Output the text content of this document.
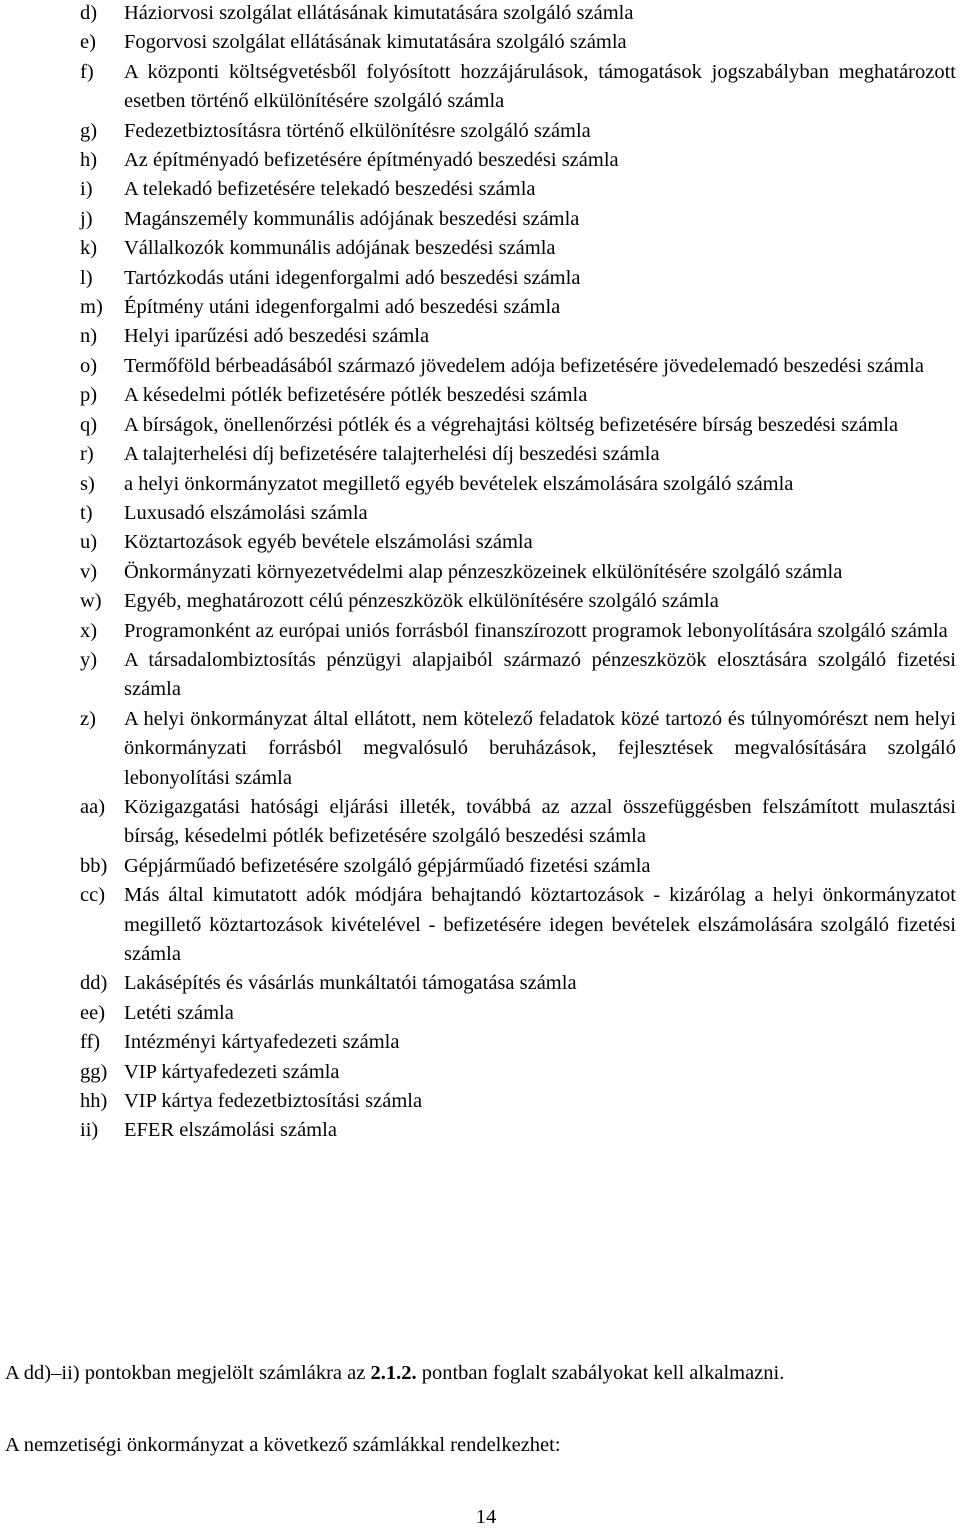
d) Háziorvosi szolgálat ellátásának kimutatására szolgáló számla
e) Fogorvosi szolgálat ellátásának kimutatására szolgáló számla
f) A központi költségvetésből folyósított hozzájárulások, támogatások jogszabályban meghatározott esetben történő elkülönítésére szolgáló számla
g) Fedezetbiztosításra történő elkülönítésre szolgáló számla
h) Az építményadó befizetésére építményadó beszedési számla
i) A telekadó befizetésére telekadó beszedési számla
j) Magánszemély kommunális adójának beszedési számla
k) Vállalkozók kommunális adójának beszedési számla
l) Tartózkodás utáni idegenforgalmi adó beszedési számla
m) Építmény utáni idegenforgalmi adó beszedési számla
n) Helyi iparűzési adó beszedési számla
o) Termőföld bérbeadásából származó jövedelem adója befizetésére jövedelemadó beszedési számla
p) A késedelmi pótlék befizetésére pótlék beszedési számla
q) A bírságok, önellenőrzési pótlék és a végrehajtási költség befizetésére bírság beszedési számla
r) A talajterhelési díj befizetésére talajterhelési díj beszedési számla
s) a helyi önkormányzatot megillető egyéb bevételek elszámolására szolgáló számla
t) Luxusadó elszámolási számla
u) Köztartozások egyéb bevétele elszámolási számla
v) Önkormányzati környezetvédelmi alap pénzeszközeinek elkülönítésére szolgáló számla
w) Egyéb, meghatározott célú pénzeszközök elkülönítésére szolgáló számla
x) Programonként az európai uniós forrásból finanszírozott programok lebonyolítására szolgáló számla
y) A társadalombiztosítás pénzügyi alapjaiból származó pénzeszközök elosztására szolgáló fizetési számla
z) A helyi önkormányzat által ellátott, nem kötelező feladatok közé tartozó és túlnyomórészt nem helyi önkormányzati forrásból megvalósuló beruházások, fejlesztések megvalósítására szolgáló lebonyolítási számla
aa) Közigazgatási hatósági eljárási illeték, továbbá az azzal összefüggésben felszámított mulasztási bírság, késedelmi pótlék befizetésére szolgáló beszedési számla
bb) Gépjárműadó befizetésére szolgáló gépjárműadó fizetési számla
cc) Más által kimutatott adók módjára behajtandó köztartozások - kizárólag a helyi önkormányzatot megillető köztartozások kivételével - befizetésére idegen bevételek elszámolására szolgáló fizetési számla
dd) Lakásépítés és vásárlás munkáltatói támogatása számla
ee) Letéti számla
ff) Intézményi kártyafedezeti számla
gg) VIP kártyafedezeti számla
hh) VIP kártya fedezetbiztosítási számla
ii) EFER elszámolási számla
A dd)–ii) pontokban megjelölt számlákra az 2.1.2. pontban foglalt szabályokat kell alkalmazni.
A nemzetiségi önkormányzat a következő számlákkal rendelkezhet:
14
